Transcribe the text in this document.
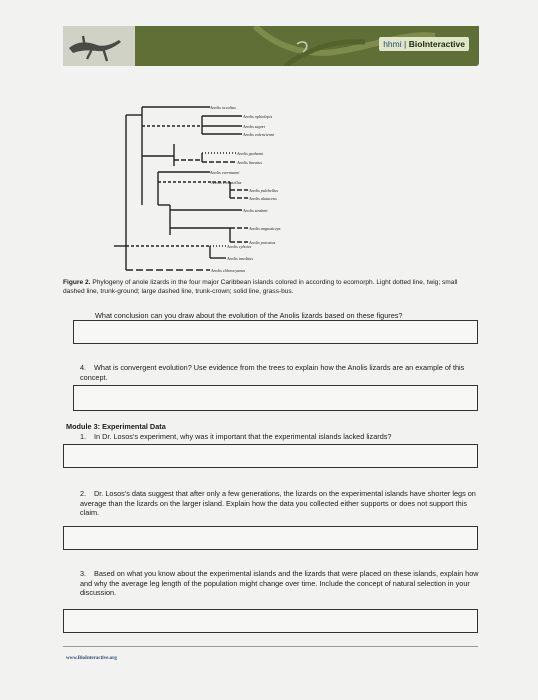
hhmi | BioInteractive
Anolis occultus
Anolis ophiolepis
Anolis sagrei
Anolis valencienni
Anolis grahami
Anolis lineatus
Anolis evermanni
Anolis cristatellus
Anolis pulchellus
Anolis alutaceus
Anolis strahmi
Anolis angusticeps
Anolis porcatus
Anolis cybotes
Anolis insolitus
Anolis chlorocyanus
Figure 2. Phylogeny of anole lizards in the four major Caribbean islands colored in according to ecomorph. Light dotted line, twig; small dashed line, trunk-ground; large dashed line, trunk-crown; solid line, grass-bus.
What conclusion can you draw about the evolution of the Anolis lizards based on these figures?
4. What is convergent evolution? Use evidence from the trees to explain how the Anolis lizards are an example of this concept.
Module 3: Experimental Data
1. In Dr. Losos's experiment, why was it important that the experimental islands lacked lizards?
2. Dr. Losos's data suggest that after only a few generations, the lizards on the experimental islands have shorter legs on average than the lizards on the larger island. Explain how the data you collected either supports or does not support this claim.
3. Based on what you know about the experimental islands and the lizards that were placed on these islands, explain how and why the average leg length of the population might change over time. Include the concept of natural selection in your discussion.
www.BioInteractive.org
